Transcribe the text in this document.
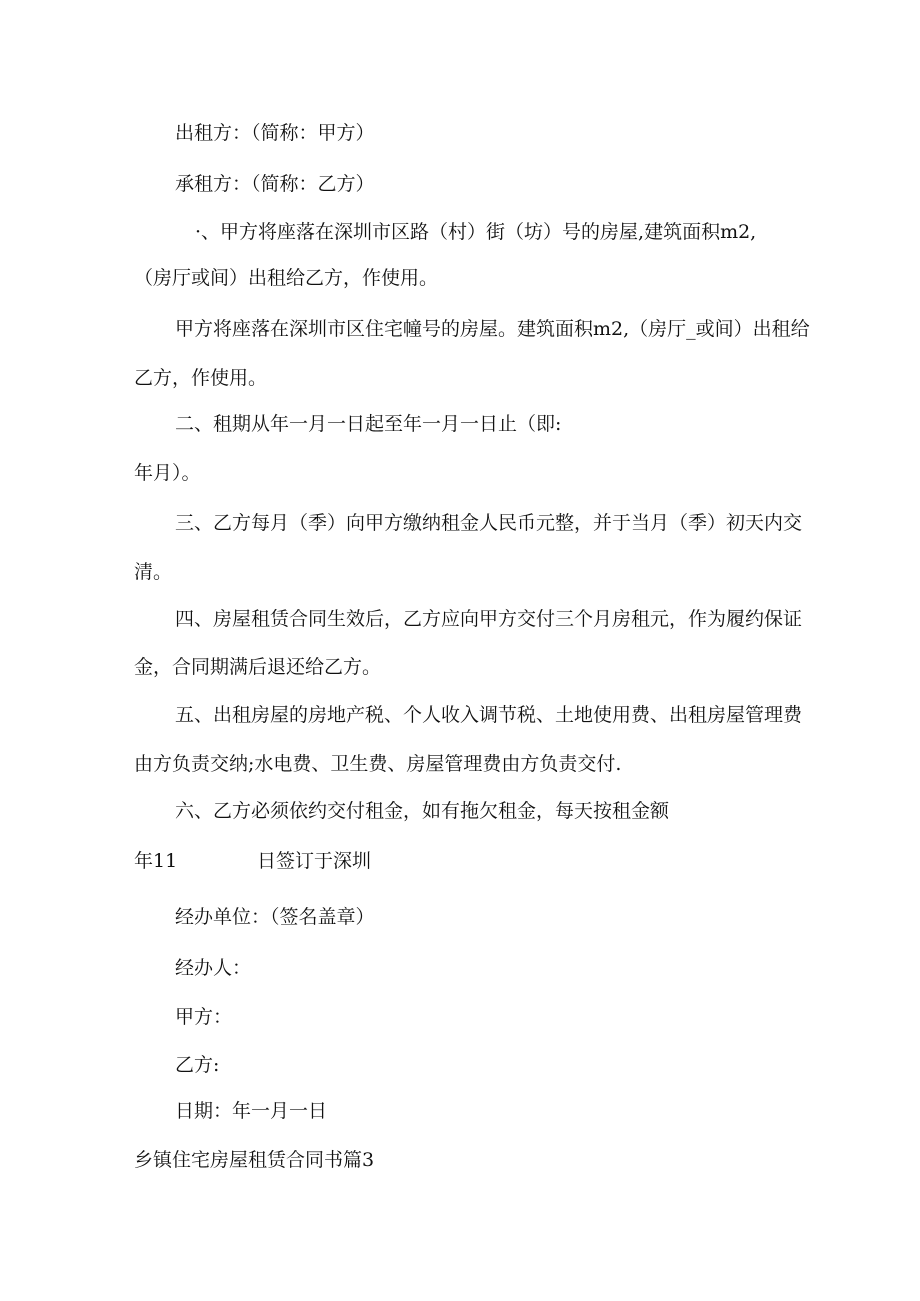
出租方：（简称：甲方）
承租方：（简称：乙方）
·、甲方将座落在深圳市区路（村）街（坊）号的房屋,建筑面积m2,
（房厅或间）出租给乙方，作使用。
甲方将座落在深圳市区住宅幢号的房屋。建筑面积m2,（房厅_或间）出租给
乙方，作使用。
二、租期从年一月一日起至年一月一日止（即:
年月）。
三、乙方每月（季）向甲方缴纳租金人民币元整，并于当月（季）初天内交
清。
四、房屋租赁合同生效后，乙方应向甲方交付三个月房租元，作为履约保证
金，合同期满后退还给乙方。
五、出租房屋的房地产税、个人收入调节税、土地使用费、出租房屋管理费
由方负责交纳;水电费、卫生费、房屋管理费由方负责交付.
六、乙方必须依约交付租金，如有拖欠租金，每天按租金额
年11	日签订于深圳
经办单位：（签名盖章）
经办人：
甲方：
乙方:
日期：年一月一日
乡镇住宅房屋租赁合同书篇3
